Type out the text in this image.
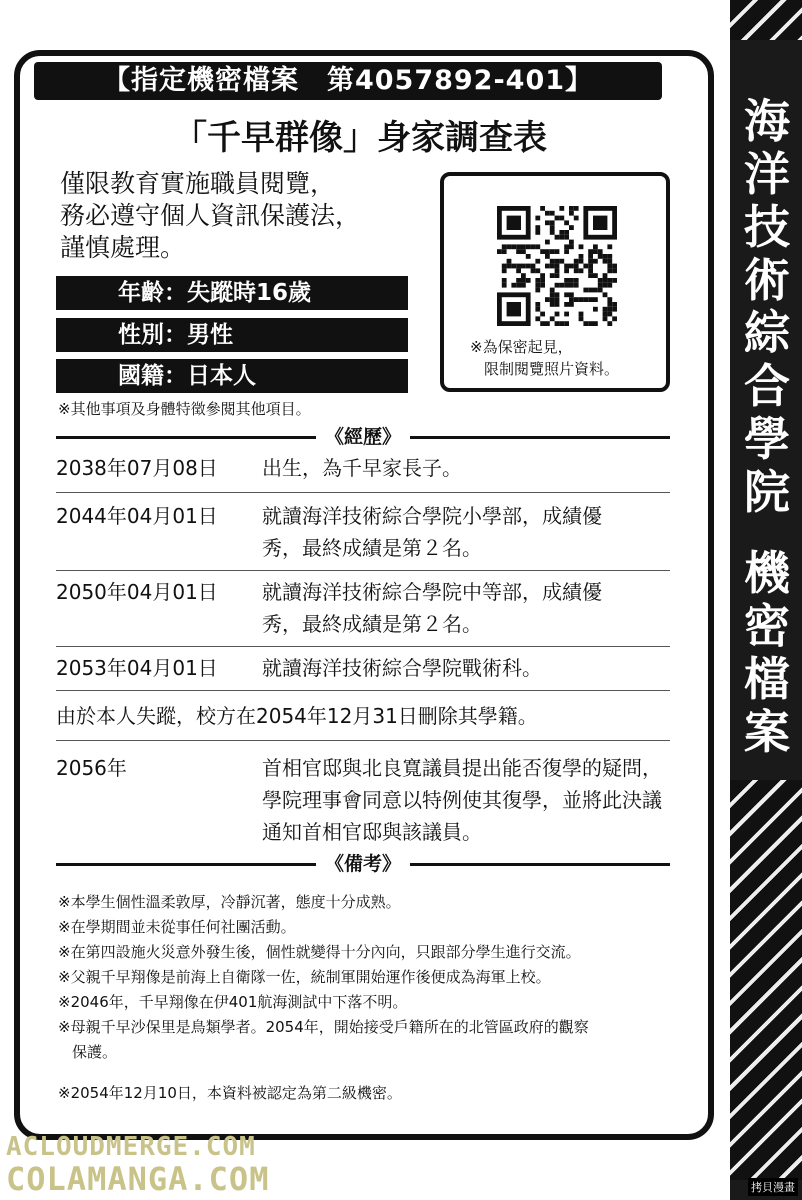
【指定機密檔案　第4057892-401】
「千早群像」身家調查表
僅限教育實施職員閱覽，
務必遵守個人資訊保護法，
謹慎處理。
年齡：失蹤時16歲
性別：男性
國籍：日本人
※其他事項及身體特徵參閱其他項目。
※為保密起見，
限制閱覽照片資料。
《經歷》
2038年07月08日 出生，為千早家長子。
2044年04月01日 就讀海洋技術綜合學院小學部，成績優秀，最終成績是第２名。
2050年04月01日 就讀海洋技術綜合學院中等部，成績優秀，最終成績是第２名。
2053年04月01日 就讀海洋技術綜合學院戰術科。
由於本人失蹤，校方在2054年12月31日刪除其學籍。
2056年	首相官邸與北良寬議員提出能否復學的疑問，學院理事會同意以特例使其復學，並將此決議通知首相官邸與該議員。
《備考》
※本學生個性溫柔敦厚，冷靜沉著，態度十分成熟。
※在學期間並未從事任何社團活動。
※在第四設施火災意外發生後，個性就變得十分內向，只跟部分學生進行交流。
※父親千早翔像是前海上自衛隊一佐，統制軍開始運作後便成為海軍上校。
※2046年，千早翔像在伊401航海測試中下落不明。
※母親千早沙保里是鳥類學者。2054年，開始接受戶籍所在的北管區政府的觀察
保護。
※2054年12月10日，本資料被認定為第二級機密。
海
洋
技
術
綜
合
學
院
機
密
檔
案
ACLOUDMERGE.COM
COLAMANGA.COM	拷貝漫畫
